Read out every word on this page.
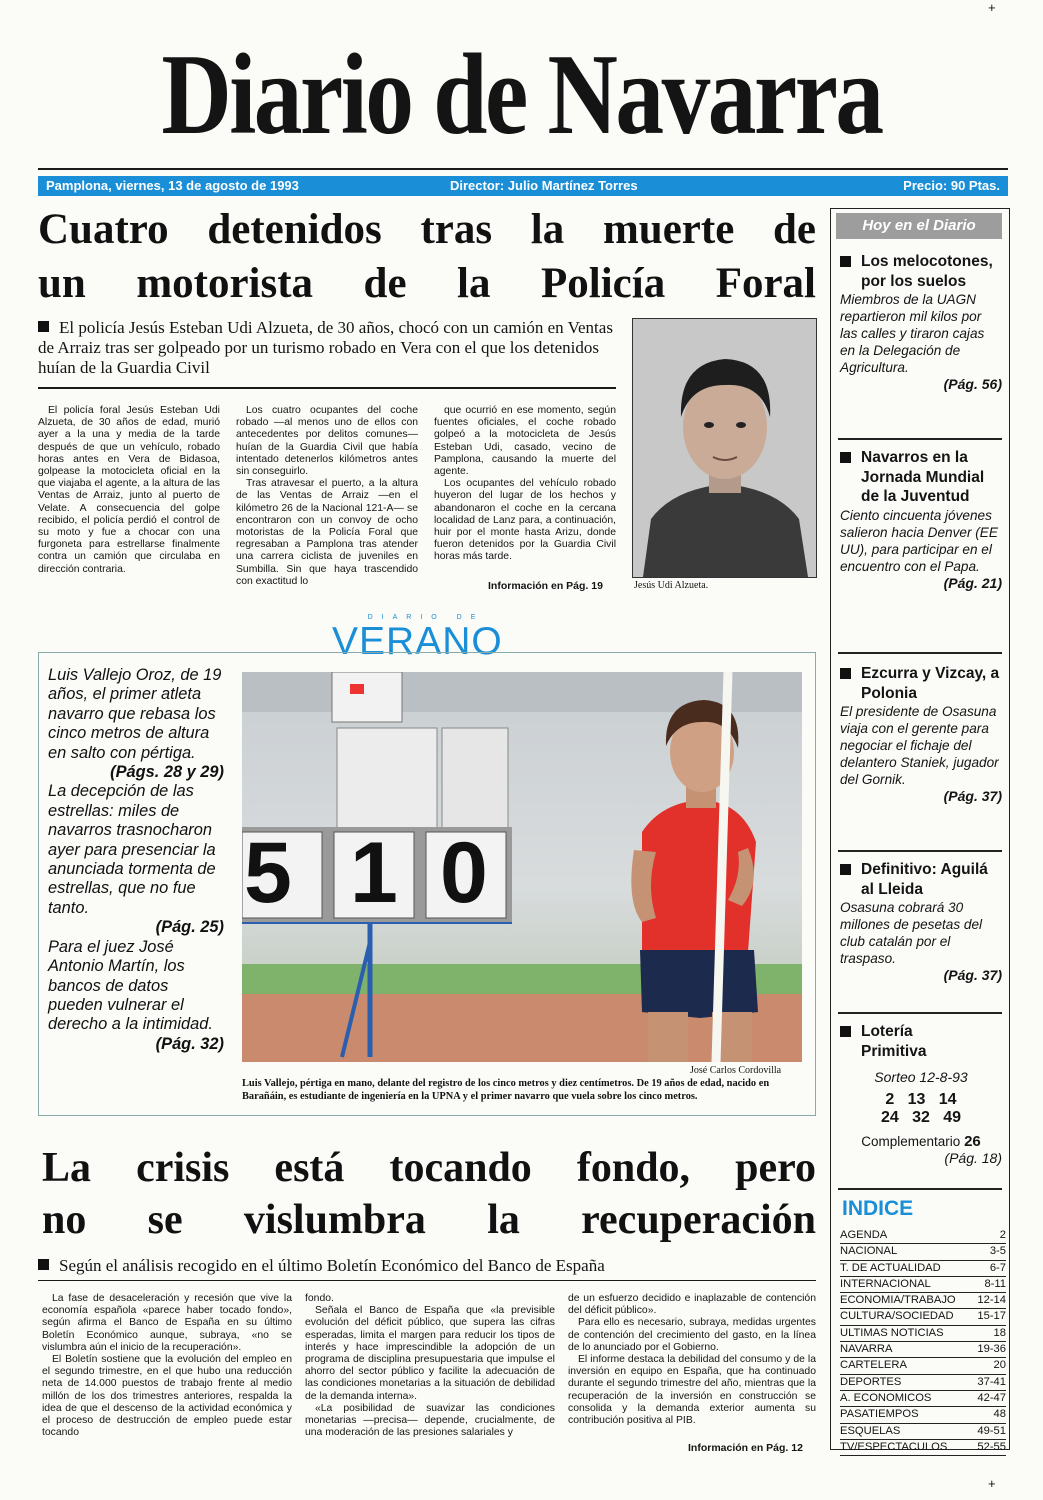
Diario de Navarra
Pamplona, viernes, 13 de agosto de 1993	Director: Julio Martínez Torres	Precio: 90 Ptas.
Cuatro detenidos tras la muerte de
un motorista de la Policía Foral
El policía Jesús Esteban Udi Alzueta, de 30 años, chocó con un camión en Ventas de Arraiz tras ser golpeado por un turismo robado en Vera con el que los detenidos huían de la Guardia Civil

El policía foral Jesús Esteban Udi Alzueta, de 30 años de edad, murió ayer a la una y media de la tarde después de que un vehículo, robado horas antes en Vera de Bidasoa, golpease la motocicleta oficial en la que viajaba el agente, a la altura de las Ventas de Arraiz, junto al puerto de Velate. A consecuencia del golpe recibido, el policía perdió el control de su moto y fue a chocar con una furgoneta para estrellarse finalmente contra un camión que circulaba en dirección contraria.

Los cuatro ocupantes del coche robado —al menos uno de ellos con antecedentes por delitos comunes— huían de la Guardia Civil que había intentado detenerlos kilómetros antes sin conseguirlo.

Tras atravesar el puerto, a la altura de las Ventas de Arraiz —en el kilómetro 26 de la Nacional 121-A— se encontraron con un convoy de ocho motoristas de la Policía Foral que regresaban a Pamplona tras atender una carrera ciclista de juveniles en Sumbilla. Sin que haya trascendido con exactitud lo

que ocurrió en ese momento, según fuentes oficiales, el coche robado golpeó a la motocicleta de Jesús Esteban Udi, casado, vecino de Pamplona, causando la muerte del agente.

Los ocupantes del vehículo robado huyeron del lugar de los hechos y abandonaron el coche en la cercana localidad de Lanz para, a continuación, huir por el monte hasta Arizu, donde fueron detenidos por la Guardia Civil horas más tarde.

Información en Pág. 19	Jesús Udi Alzueta.
DIARIO DE
VERANO
Luis Vallejo Oroz, de 19 años, el primer atleta navarro que rebasa los cinco metros de altura en salto con pértiga.
(Págs. 28 y 29)
La decepción de las estrellas: miles de navarros trasnocharon ayer para presenciar la anunciada tormenta de estrellas, que no fue tanto.
(Pág. 25)
Para el juez José Antonio Martín, los bancos de datos pueden vulnerar el derecho a la intimidad.
(Pág. 32)
5 1 0
José Carlos Cordovilla
Luis Vallejo, pértiga en mano, delante del registro de los cinco metros y diez centímetros. De 19 años de edad, nacido en Barañáin, es estudiante de ingeniería en la UPNA y el primer navarro que vuela sobre los cinco metros.
La crisis está tocando fondo, pero
no se vislumbra la recuperación
Según el análisis recogido en el último Boletín Económico del Banco de España

La fase de desaceleración y recesión que vive la economía española «parece haber tocado fondo», según afirma el Banco de España en su último Boletín Económico aunque, subraya, «no se vislumbra aún el inicio de la recuperación».

El Boletín sostiene que la evolución del empleo en el segundo trimestre, en el que hubo una reducción neta de 14.000 puestos de trabajo frente al medio millón de los dos trimestres anteriores, respalda la idea de que el descenso de la actividad económica y el proceso de destrucción de empleo puede estar tocando

fondo.

Señala el Banco de España que «la previsible evolución del déficit público, que supera las cifras esperadas, limita el margen para reducir los tipos de interés y hace imprescindible la adopción de un programa de disciplina presupuestaria que impulse el ahorro del sector público y facilite la adecuación de las condiciones monetarias a la situación de debilidad de la demanda interna».

«La posibilidad de suavizar las condiciones monetarias —precisa— depende, crucialmente, de una moderación de las presiones salariales y

de un esfuerzo decidido e inaplazable de contención del déficit público».

Para ello es necesario, subraya, medidas urgentes de contención del crecimiento del gasto, en la línea de lo anunciado por el Gobierno.

El informe destaca la debilidad del consumo y de la inversión en equipo en España, que ha continuado durante el segundo trimestre del año, mientras que la recuperación de la inversión en construcción se consolida y la demanda exterior aumenta su contribución positiva al PIB.

Información en Pág. 12
Hoy en el Diario
Los melocotones, por los suelos
Miembros de la UAGN repartieron mil kilos por las calles y tiraron cajas en la Delegación de Agricultura.
(Pág. 56)
Navarros en la Jornada Mundial de la Juventud
Ciento cincuenta jóvenes salieron hacia Denver (EE UU), para participar en el encuentro con el Papa.
(Pág. 21)
Ezcurra y Vizcay, a Polonia
El presidente de Osasuna viaja con el gerente para negociar el fichaje del delantero Staniek, jugador del Gornik.
(Pág. 37)
Definitivo: Aguilá al Lleida
Osasuna cobrará 30 millones de pesetas del club catalán por el traspaso.
(Pág. 37)
Lotería Primitiva
Sorteo 12-8-93
2   13   14
24   32   49
Complementario 26
(Pág. 18)
INDICE
AGENDA	2
NACIONAL	3-5
T. DE ACTUALIDAD	6-7
INTERNACIONAL	8-11
ECONOMIA/TRABAJO 12-14
CULTURA/SOCIEDAD 15-17
ULTIMAS NOTICIAS	18
NAVARRA	19-36
CARTELERA	20
DEPORTES	37-41
A. ECONOMICOS	42-47
PASATIEMPOS	48
ESQUELAS	49-51
TV/ESPECTACULOS	52-55
+
+
